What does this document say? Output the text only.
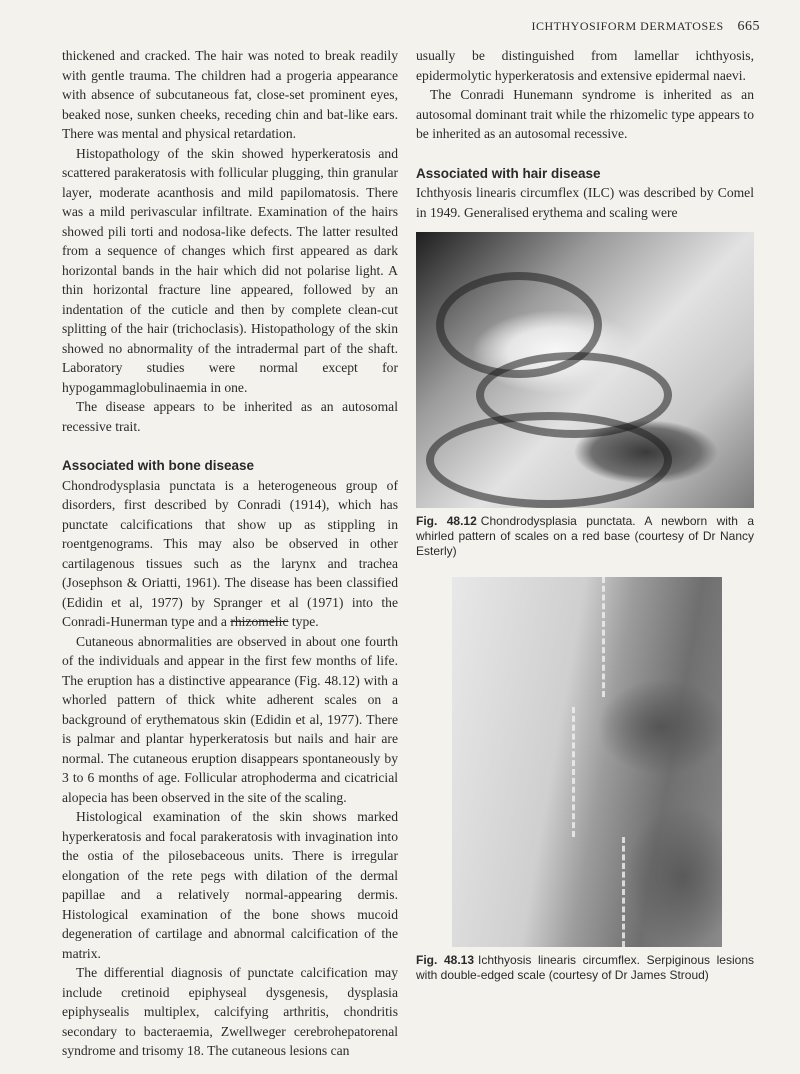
ICHTHYOSIFORM DERMATOSES 665

thickened and cracked. The hair was noted to break readily with gentle trauma. The children had a progeria appearance with absence of subcutaneous fat, close-set prominent eyes, beaked nose, sunken cheeks, receding chin and bat-like ears. There was mental and physical retardation.

Histopathology of the skin showed hyperkeratosis and scattered parakeratosis with follicular plugging, thin granular layer, moderate acanthosis and mild papilomatosis. There was a mild perivascular infiltrate. Examination of the hairs showed pili torti and nodosa-like defects. The latter resulted from a sequence of changes which first appeared as dark horizontal bands in the hair which did not polarise light. A thin horizontal fracture line appeared, followed by an indentation of the cuticle and then by complete clean-cut splitting of the hair (trichoclasis). Histopathology of the skin showed no abnormality of the intradermal part of the shaft. Laboratory studies were normal except for hypogammaglobulinaemia in one.

The disease appears to be inherited as an autosomal recessive trait.

Associated with bone disease

Chondrodysplasia punctata is a heterogeneous group of disorders, first described by Conradi (1914), which has punctate calcifications that show up as stippling in roentgenograms. This may also be observed in other cartilagenous tissues such as the larynx and trachea (Josephson & Oriatti, 1961). The disease has been classified (Edidin et al, 1977) by Spranger et al (1971) into the Conradi-Hunerman type and a rhizomelic type.

Cutaneous abnormalities are observed in about one fourth of the individuals and appear in the first few months of life. The eruption has a distinctive appearance (Fig. 48.12) with a whorled pattern of thick white adherent scales on a background of erythematous skin (Edidin et al, 1977). There is palmar and plantar hyperkeratosis but nails and hair are normal. The cutaneous eruption disappears spontaneously by 3 to 6 months of age. Follicular atrophoderma and cicatricial alopecia has been observed in the site of the scaling.

Histological examination of the skin shows marked hyperkeratosis and focal parakeratosis with invagination into the ostia of the pilosebaceous units. There is irregular elongation of the rete pegs with dilation of the dermal papillae and a relatively normal-appearing dermis. Histological examination of the bone shows mucoid degeneration of cartilage and abnormal calcification of the matrix.

The differential diagnosis of punctate calcification may include cretinoid epiphyseal dysgenesis, dysplasia epiphysealis multiplex, calcifying arthritis, chondritis secondary to bacteraemia, Zwellweger cerebrohepatorenal syndrome and trisomy 18. The cutaneous lesions can

usually be distinguished from lamellar ichthyosis, epidermolytic hyperkeratosis and extensive epidermal naevi.

The Conradi Hunemann syndrome is inherited as an autosomal dominant trait while the rhizomelic type appears to be inherited as an autosomal recessive.

Associated with hair disease

Ichthyosis linearis circumflex (ILC) was described by Comel in 1949. Generalised erythema and scaling were

Fig. 48.12 Chondrodysplasia punctata. A newborn with a whirled pattern of scales on a red base (courtesy of Dr Nancy Esterly)
Fig. 48.13 Ichthyosis linearis circumflex. Serpiginous lesions with double-edged scale (courtesy of Dr James Stroud)
